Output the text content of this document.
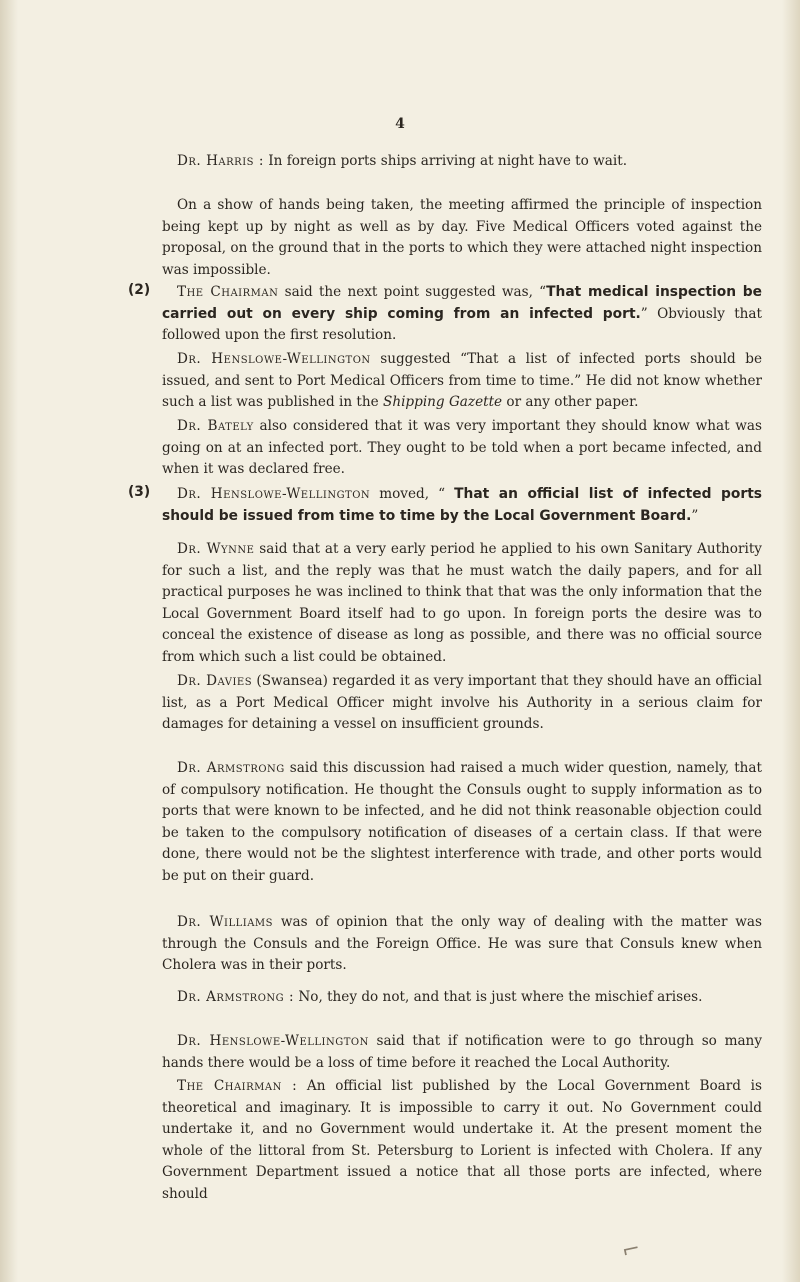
4

Dr. Harris : In foreign ports ships arriving at night have to wait.

On a show of hands being taken, the meeting affirmed the principle of inspection being kept up by night as well as by day. Five Medical Officers voted against the proposal, on the ground that in the ports to which they were attached night inspection was impossible.

(2)	The Chairman said the next point suggested was, “That medical inspection be carried out on every ship coming from an infected port.” Obviously that followed upon the first resolution.

Dr. Henslowe-Wellington suggested “That a list of infected ports should be issued, and sent to Port Medical Officers from time to time.” He did not know whether such a list was published in the Shipping Gazette or any other paper.

Dr. Bately also considered that it was very important they should know what was going on at an infected port. They ought to be told when a port became infected, and when it was declared free.

(3)	Dr. Henslowe-Wellington moved, “ That an official list of infected ports should be issued from time to time by the Local Government Board.”

Dr. Wynne said that at a very early period he applied to his own Sanitary Authority for such a list, and the reply was that he must watch the daily papers, and for all practical purposes he was inclined to think that that was the only information that the Local Government Board itself had to go upon. In foreign ports the desire was to conceal the existence of disease as long as possible, and there was no official source from which such a list could be obtained.

Dr. Davies (Swansea) regarded it as very important that they should have an official list, as a Port Medical Officer might involve his Authority in a serious claim for damages for detaining a vessel on insufficient grounds.

Dr. Armstrong said this discussion had raised a much wider question, namely, that of compulsory notification. He thought the Consuls ought to supply information as to ports that were known to be infected, and he did not think reasonable objection could be taken to the compulsory notification of diseases of a certain class. If that were done, there would not be the slightest interference with trade, and other ports would be put on their guard.

Dr. Williams was of opinion that the only way of dealing with the matter was through the Consuls and the Foreign Office. He was sure that Consuls knew when Cholera was in their ports.

Dr. Armstrong : No, they do not, and that is just where the mischief arises.

Dr. Henslowe-Wellington said that if notification were to go through so many hands there would be a loss of time before it reached the Local Authority.

The Chairman : An official list published by the Local Government Board is theoretical and imaginary. It is impossible to carry it out. No Government could undertake it, and no Government would undertake it. At the present moment the whole of the littoral from St. Petersburg to Lorient is infected with Cholera. If any Government Department issued a notice that all those ports are infected, where should

⌐
